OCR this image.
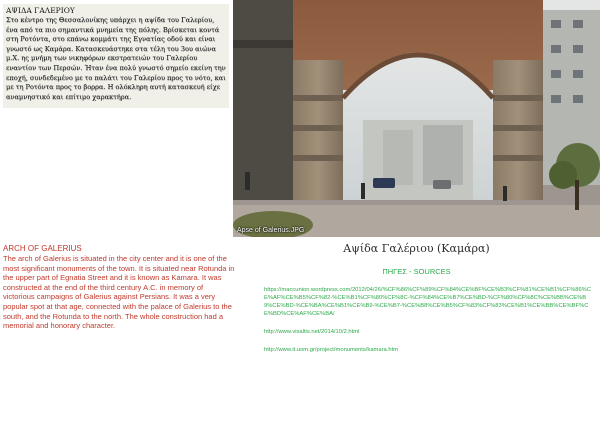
ΑΨΙΔΑ ΓΑΛΕΡΙΟΥ

Στο κέντρο της Θεσσαλονίκης υπάρχει η αψίδα του Γαλερίου, ένα από τα πιο σημαντικά μνημεία της πόλης. Βρίσκεται κοντά στη Ροτόντα, στο επάνω κομμάτι της Εγνατίας οδού και είναι γνωστό ως Καμάρα. Κατασκευάστηκε στα τέλη του 3ου αιώνα μ.Χ. ης μνήμη των νικηφόρων εκστρατειών του Γαλερίου εναντίον των Περσών. Ήταν ένα πολύ γνωστό σημείο εκείνη την εποχή, συνδεδεμένο με το παλάτι του Γαλερίου προς το νότο, και με τη Ροτόντα προς το βορρα. Η ολόκληρη αυτή κατασκευή είχε αναμνηστικό και επίτιμο χαρακτήρα.

Apse of Galerius.JPG

ARCH OF GALERIUS

The arch of Galerius is situated in the city center and it is one of the most significant monuments of the town. It is situated near Rotunda in the upper part of Egnatia Street and it is known as Kamara. It was constructed at the end of the third century A.C. in memory of victorious campaigns of Galerius against Persians. It was a very popular spot at that age, connected with the palace of Galerius to the south, and the Rotunda to the north. The whole construction had a memorial and honorary character.

Αψίδα Γαλέριου (Καμάρα)
ΠΗΓΕΣ - SOURCES
https://maccunion.wordpress.com/2012/04/26/%CF%86%CF%89%CF%84%CE%BF%CE%B3%CF%81%CE%B1%CF%86%CE%AF%CE%B5%CF%82-%CE%B1%CF%80%CF%8C-%CF%84%CE%B7%CE%BD-%CF%80%CF%8C%CE%BB%CE%B9%CE%BD-%CE%BA%CE%B1%CE%B9-%CE%B7-%CE%B8%CE%B5%CF%83%CF%83%CE%B1%CE%BB%CE%BF%CE%BD%CE%AF%CE%BA/
http://www.visaltis.net/2014/10/2.html
http://www.it.uom.gr/project/monuments/kamara.htm
